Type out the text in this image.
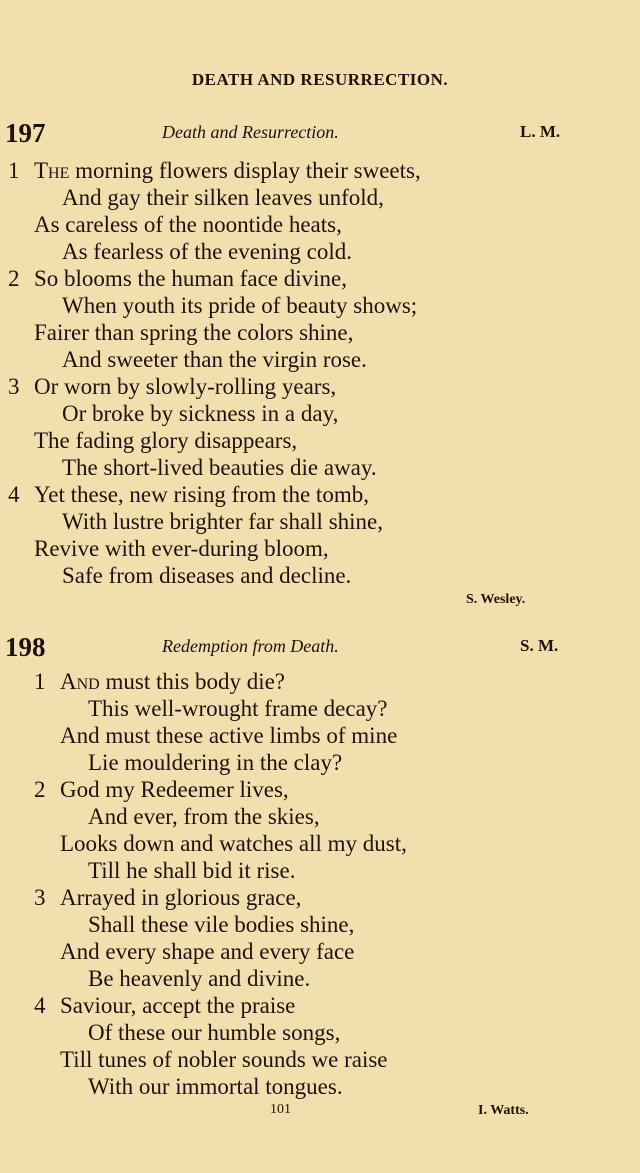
DEATH AND RESURRECTION.
197	Death and Resurrection.	L. M.
1 The morning flowers display their sweets,
And gay their silken leaves unfold,
As careless of the noontide heats,
As fearless of the evening cold.
2 So blooms the human face divine,
When youth its pride of beauty shows;
Fairer than spring the colors shine,
And sweeter than the virgin rose.
3 Or worn by slowly-rolling years,
Or broke by sickness in a day,
The fading glory disappears,
The short-lived beauties die away.
4 Yet these, new rising from the tomb,
With lustre brighter far shall shine,
Revive with ever-during bloom,
Safe from diseases and decline.
S. Wesley.
198	Redemption from Death.	S. M.
1 And must this body die?
This well-wrought frame decay?
And must these active limbs of mine
Lie mouldering in the clay?
2 God my Redeemer lives,
And ever, from the skies,
Looks down and watches all my dust,
Till he shall bid it rise.
3 Arrayed in glorious grace,
Shall these vile bodies shine,
And every shape and every face
Be heavenly and divine.
4 Saviour, accept the praise
Of these our humble songs,
Till tunes of nobler sounds we raise
With our immortal tongues.
101	I. Watts.
